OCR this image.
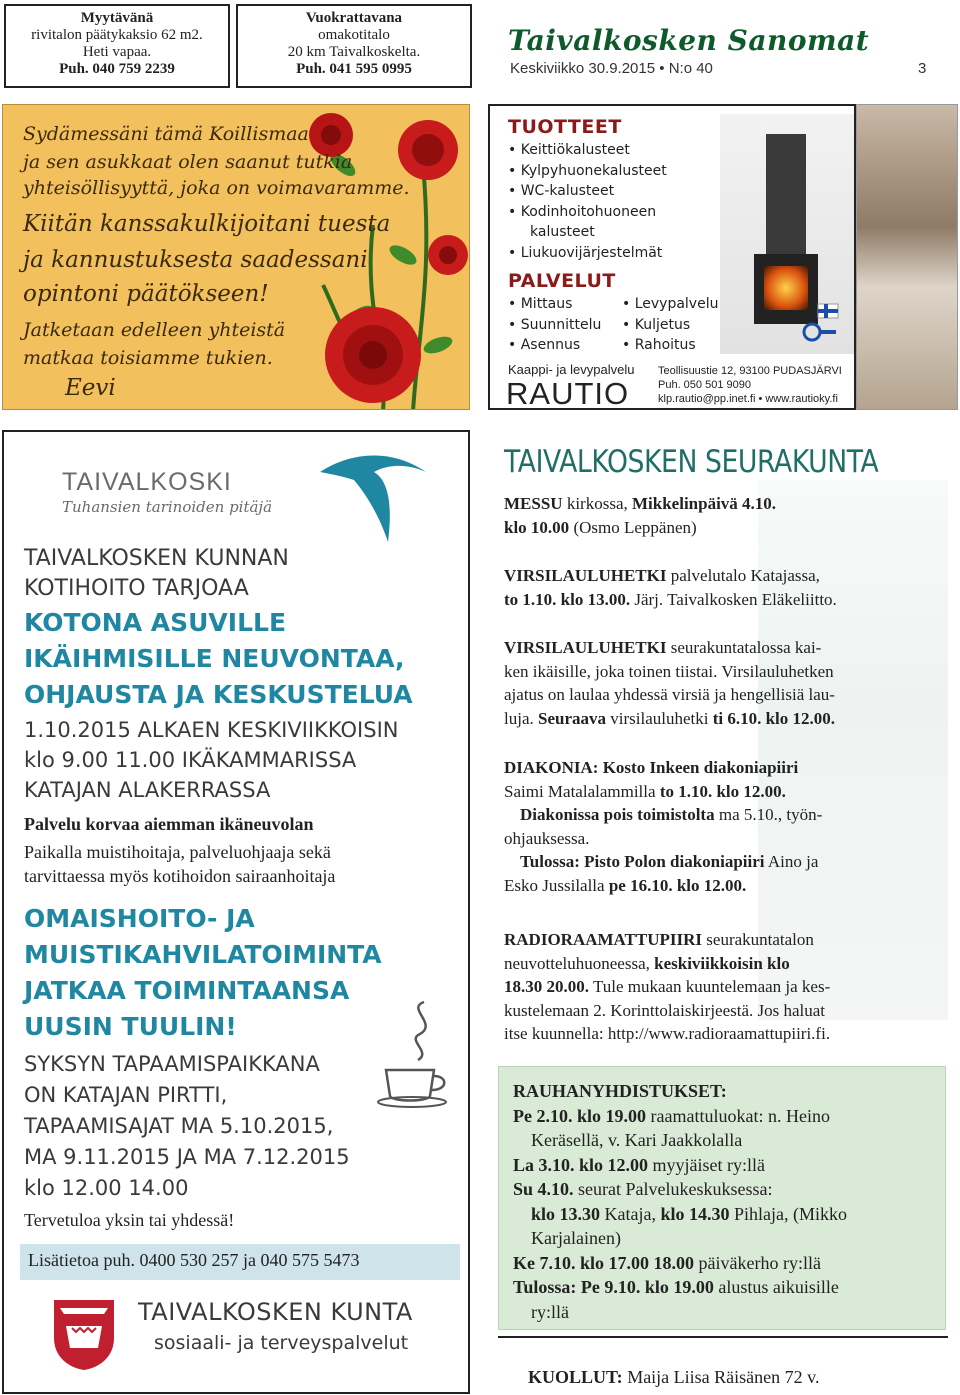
Myytävänä
rivitalon päätykaksio 62 m2.
Heti vapaa.
Puh. 040 759 2239
Vuokrattavana
omakotitalo
20 km Taivalkoskelta.
Puh. 041 595 0995
Taivalkosken Sanomat
Keskiviikko 30.9.2015 • N:o 40	3
Sydämessäni tämä Koillismaa
ja sen asukkaat olen saanut tutkia
yhteisöllisyyttä, joka on voimavaramme.
Kiitän kanssakulkijoitani tuesta
ja kannustuksesta saadessani
opintoni päätökseen!
Jatketaan edelleen yhteistä
matkaa toisiamme tukien.
Eevi
TUOTTEET
• Keittiökalusteet
• Kylpyhuonekalusteet
• WC-kalusteet
• Kodinhoitohuoneen
kalusteet
• Liukuovijärjestelmät
PALVELUT
• Mittaus
• Suunnittelu
• Asennus
• Levypalvelu
• Kuljetus
• Rahoitus
Kaappi- ja levypalvelu
RAUTIO
Teollisuustie 12, 93100 PUDASJÄRVI
Puh. 050 501 9090
klp.rautio@pp.inet.fi • www.rautioky.fi
TAIVALKOSKI
Tuhansien tarinoiden pitäjä
TAIVALKOSKEN KUNNAN
KOTIHOITO TARJOAA
KOTONA ASUVILLE
IKÄIHMISILLE NEUVONTAA,
OHJAUSTA JA KESKUSTELUA
1.10.2015 ALKAEN KESKIVIIKKOISIN
klo 9.00 11.00 IKÄKAMMARISSA
KATAJAN ALAKERRASSA
Palvelu korvaa aiemman ikäneuvolan
Paikalla muistihoitaja, palveluohjaaja sekä
tarvittaessa myös kotihoidon sairaanhoitaja
OMAISHOITO- JA
MUISTIKAHVILATOIMINTA
JATKAA TOIMINTAANSA
UUSIN TUULIN!
SYKSYN TAPAAMISPAIKKANA
ON KATAJAN PIRTTI,
TAPAAMISAJAT MA 5.10.2015,
MA 9.11.2015 JA MA 7.12.2015
klo 12.00 14.00
Tervetuloa yksin tai yhdessä!
Lisätietoa puh. 0400 530 257 ja 040 575 5473
TAIVALKOSKEN KUNTA
sosiaali- ja terveyspalvelut
TAIVALKOSKEN SEURAKUNTA
MESSU kirkossa, Mikkelinpäivä 4.10.
klo 10.00 (Osmo Leppänen)
VIRSILAULUHETKI palvelutalo Katajassa,
to 1.10. klo 13.00. Järj. Taivalkosken Eläkeliitto.
VIRSILAULUHETKI seurakuntatalossa kai-
ken ikäisille, joka toinen tiistai. Virsilauluhetken
ajatus on laulaa yhdessä virsiä ja hengellisiä lau-
luja. Seuraava virsilauluhetki ti 6.10. klo 12.00.
DIAKONIA: Kosto Inkeen diakoniapiiri
Saimi Matalalammilla to 1.10. klo 12.00.
Diakonissa pois toimistolta ma 5.10., työn-
ohjauksessa.
Tulossa: Pisto Polon diakoniapiiri Aino ja
Esko Jussilalla pe 16.10. klo 12.00.
RADIORAAMATTUPIIRI seurakuntatalon
neuvotteluhuoneessa, keskiviikkoisin klo
18.30 20.00. Tule mukaan kuuntelemaan ja kes-
kustelemaan 2. Korinttolaiskirjeestä. Jos haluat
itse kuunnella: http://www.radioraamattupiiri.fi.
KUOLLUT: Maija Liisa Räisänen 72 v.
RAUHANYHDISTUKSET:
Pe 2.10. klo 19.00 raamattuluokat: n. Heino
Keräsellä, v. Kari Jaakkolalla
La 3.10. klo 12.00 myyjäiset ry:llä
Su 4.10. seurat Palvelukeskuksessa:
klo 13.30 Kataja, klo 14.30 Pihlaja, (Mikko
Karjalainen)
Ke 7.10. klo 17.00 18.00 päiväkerho ry:llä
Tulossa: Pe 9.10. klo 19.00 alustus aikuisille
ry:llä
